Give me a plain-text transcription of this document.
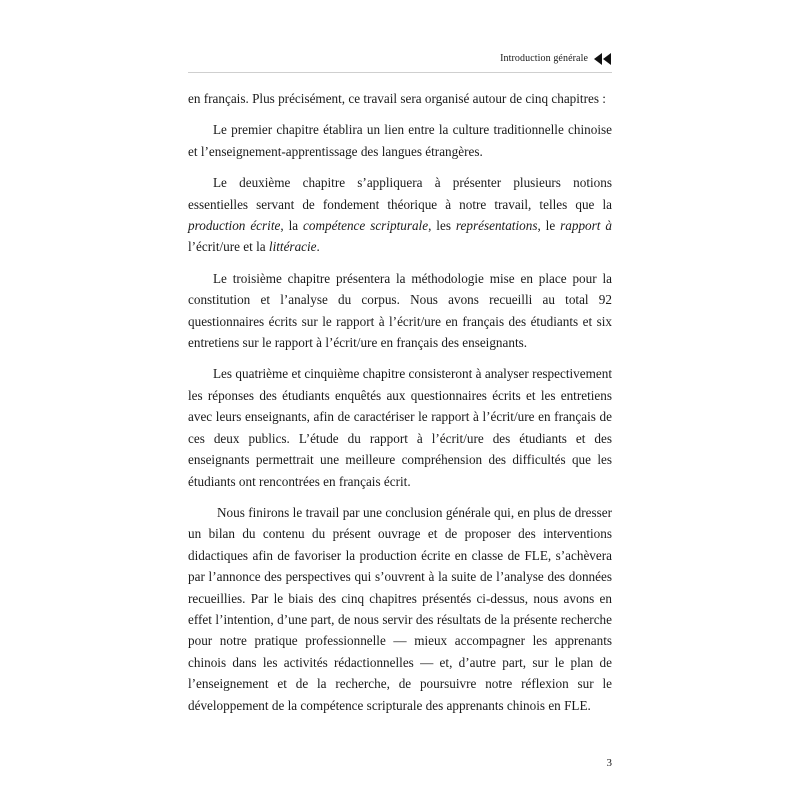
Introduction générale

en français. Plus précisément, ce travail sera organisé autour de cinq chapitres :

Le premier chapitre établira un lien entre la culture traditionnelle chinoise et l’enseignement-apprentissage des langues étrangères.

Le deuxième chapitre s’appliquera à présenter plusieurs notions essentielles servant de fondement théorique à notre travail, telles que la production écrite, la compétence scripturale, les représentations, le rapport à l’écrit/ure et la littéracie.

Le troisième chapitre présentera la méthodologie mise en place pour la constitution et l’analyse du corpus. Nous avons recueilli au total 92 questionnaires écrits sur le rapport à l’écrit/ure en français des étudiants et six entretiens sur le rapport à l’écrit/ure en français des enseignants.

Les quatrième et cinquième chapitre consisteront à analyser respectivement les réponses des étudiants enquêtés aux questionnaires écrits et les entretiens avec leurs enseignants, afin de caractériser le rapport à l’écrit/ure en français de ces deux publics. L’étude du rapport à l’écrit/ure des étudiants et des enseignants permettrait une meilleure compréhension des difficultés que les étudiants ont rencontrées en français écrit.

Nous finirons le travail par une conclusion générale qui, en plus de dresser un bilan du contenu du présent ouvrage et de proposer des interventions didactiques afin de favoriser la production écrite en classe de FLE, s’achèvera par l’annonce des perspectives qui s’ouvrent à la suite de l’analyse des données recueillies. Par le biais des cinq chapitres présentés ci-dessus, nous avons en effet l’intention, d’une part, de nous servir des résultats de la présente recherche pour notre pratique professionnelle — mieux accompagner les apprenants chinois dans les activités rédactionnelles — et, d’autre part, sur le plan de l’enseignement et de la recherche, de poursuivre notre réflexion sur le développement de la compétence scripturale des apprenants chinois en FLE.

3
